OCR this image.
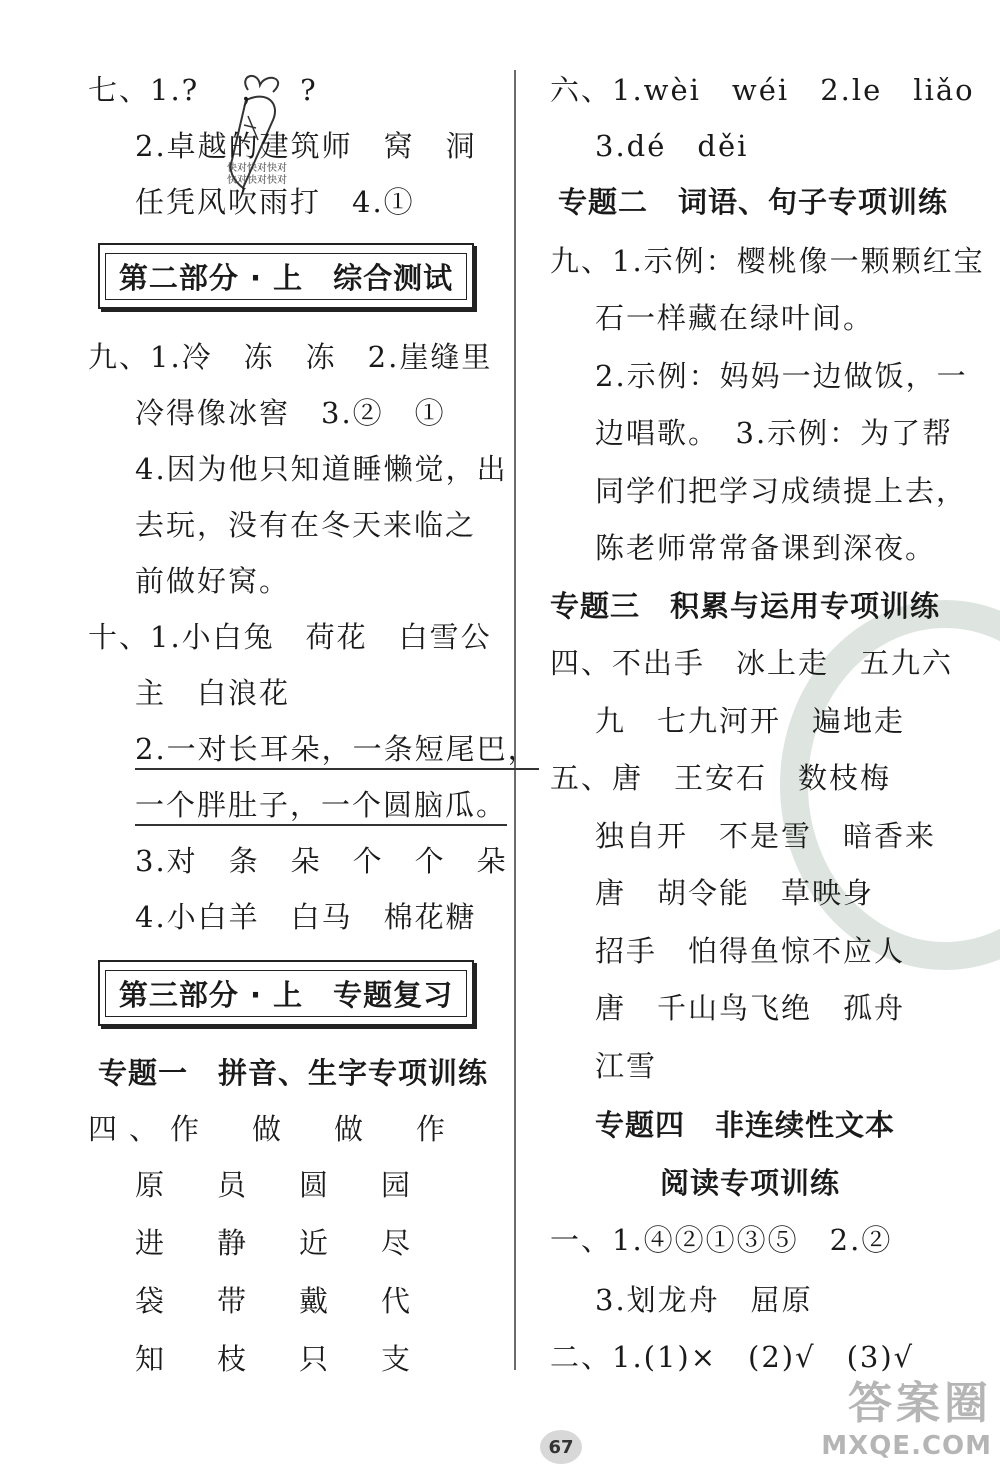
快对快对快对
快对快对快对
七、1.?　 ，　 ?
2.卓越的建筑师　窝　洞
任凭风吹雨打　4.①
第二部分 · 上　综合测试
九、1.冷　冻　冻　2.崖缝里
冷得像冰窖　3.②　①
4.因为他只知道睡懒觉，出
去玩，没有在冬天来临之
前做好窝。
十、1.小白兔　荷花　白雪公
主　白浪花
2.一对长耳朵，一条短尾巴，
一个胖肚子，一个圆脑瓜。
3.对　条　朵　个　个　朵
4.小白羊　白马　棉花糖
第三部分 · 上　专题复习
专题一　拼音、生字专项训练
四、作　做　做　作
原　员　圆　园
进　静　近　尽
袋　带　戴　代
知　枝　只　支
六、1.wèi　wéi　2.le　liǎo
3.dé　děi
专题二　词语、句子专项训练
九、1.示例：樱桃像一颗颗红宝
石一样藏在绿叶间。
2.示例：妈妈一边做饭，一
边唱歌。　3.示例：为了帮
同学们把学习成绩提上去，
陈老师常常备课到深夜。
专题三　积累与运用专项训练
四、不出手　冰上走　五九六
九　七九河开　遍地走
五、唐　王安石　数枝梅
独自开　不是雪　暗香来
唐　胡令能　草映身
招手　怕得鱼惊不应人
唐　千山鸟飞绝　孤舟
江雪
专题四　非连续性文本
阅读专项训练
一、1.④②①③⑤　2.②
3.划龙舟　屈原
二、1.(1)×　(2)√　(3)√
67
答案圈
MXQE.COM
